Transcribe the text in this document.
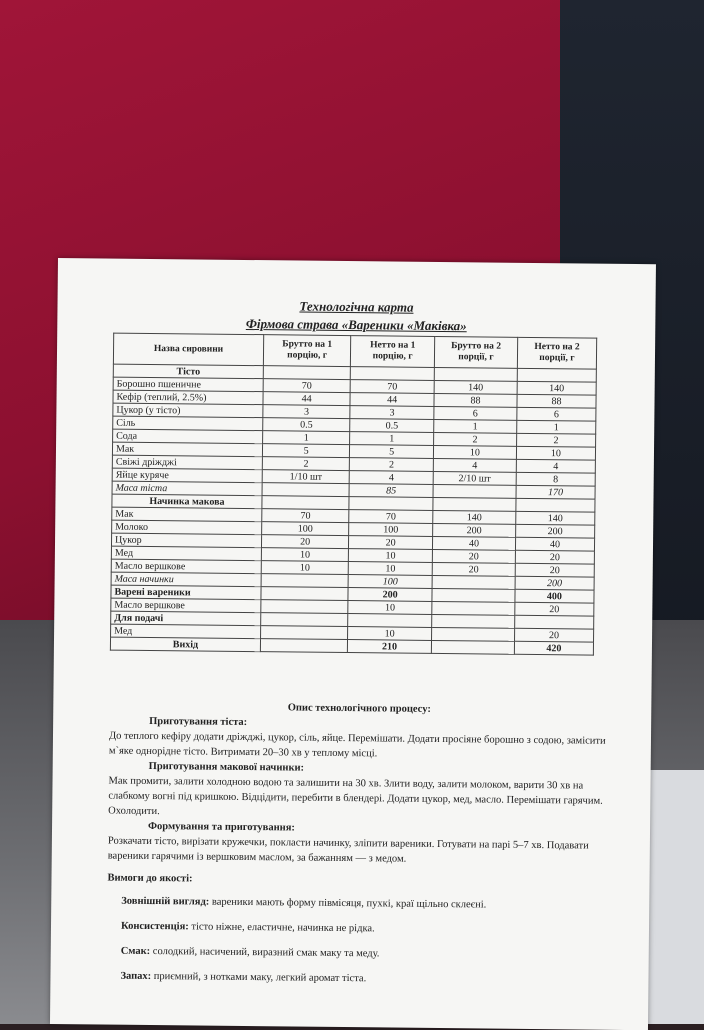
Технологічна карта

Фірмова страва «Вареники «Маківка»

Назва сировини	Брутто на 1 порцію, г	Нетто на 1 порцію, г	Брутто на 2 порції, г	Нетто на 2 порції, г
Тісто				
Борошно пшеничне	70	70	140	140
Кефір (теплий, 2.5%)	44	44	88	88
Цукор (у тісто)	3	3	6	6
Сіль	0.5	0.5	1	1
Сода	1	1	2	2
Мак	5	5	10	10
Свіжі дріжджі	2	2	4	4
Яйце куряче	1/10 шт	4	2/10 шт	8
Маса тіста		85		170
Начинка макова				
Мак	70	70	140	140
Молоко	100	100	200	200
Цукор	20	20	40	40
Мед	10	10	20	20
Масло вершкове	10	10	20	20
Маса начинки		100		200
Варені вареники		200		400
Масло вершкове		10		20
Для подачі				
Мед		10		20
Вихід		210		420
Опис технологічного процесу:
Приготування тіста:
До теплого кефіру додати дріжджі, цукор, сіль, яйце. Перемішати. Додати просіяне борошно з содою, замісити м`яке однорідне тісто. Витримати 20–30 хв у теплому місці.
Приготування макової начинки:
Мак промити, залити холодною водою та залишити на 30 хв. Злити воду, залити молоком, варити 30 хв на слабкому вогні під кришкою. Відцідити, перебити в блендері. Додати цукор, мед, масло. Перемішати гарячим. Охолодити.
Формування та приготування:
Розкачати тісто, вирізати кружечки, покласти начинку, зліпити вареники. Готувати на парі 5–7 хв. Подавати вареники гарячими із вершковим маслом, за бажанням — з медом.
Вимоги до якості:

Зовнішній вигляд: вареники мають форму півмісяця, пухкі, краї щільно склеєні.

Консистенція: тісто ніжне, еластичне, начинка не рідка.

Смак: солодкий, насичений, виразний смак маку та меду.

Запах: приємний, з нотками маку, легкий аромат тіста.
